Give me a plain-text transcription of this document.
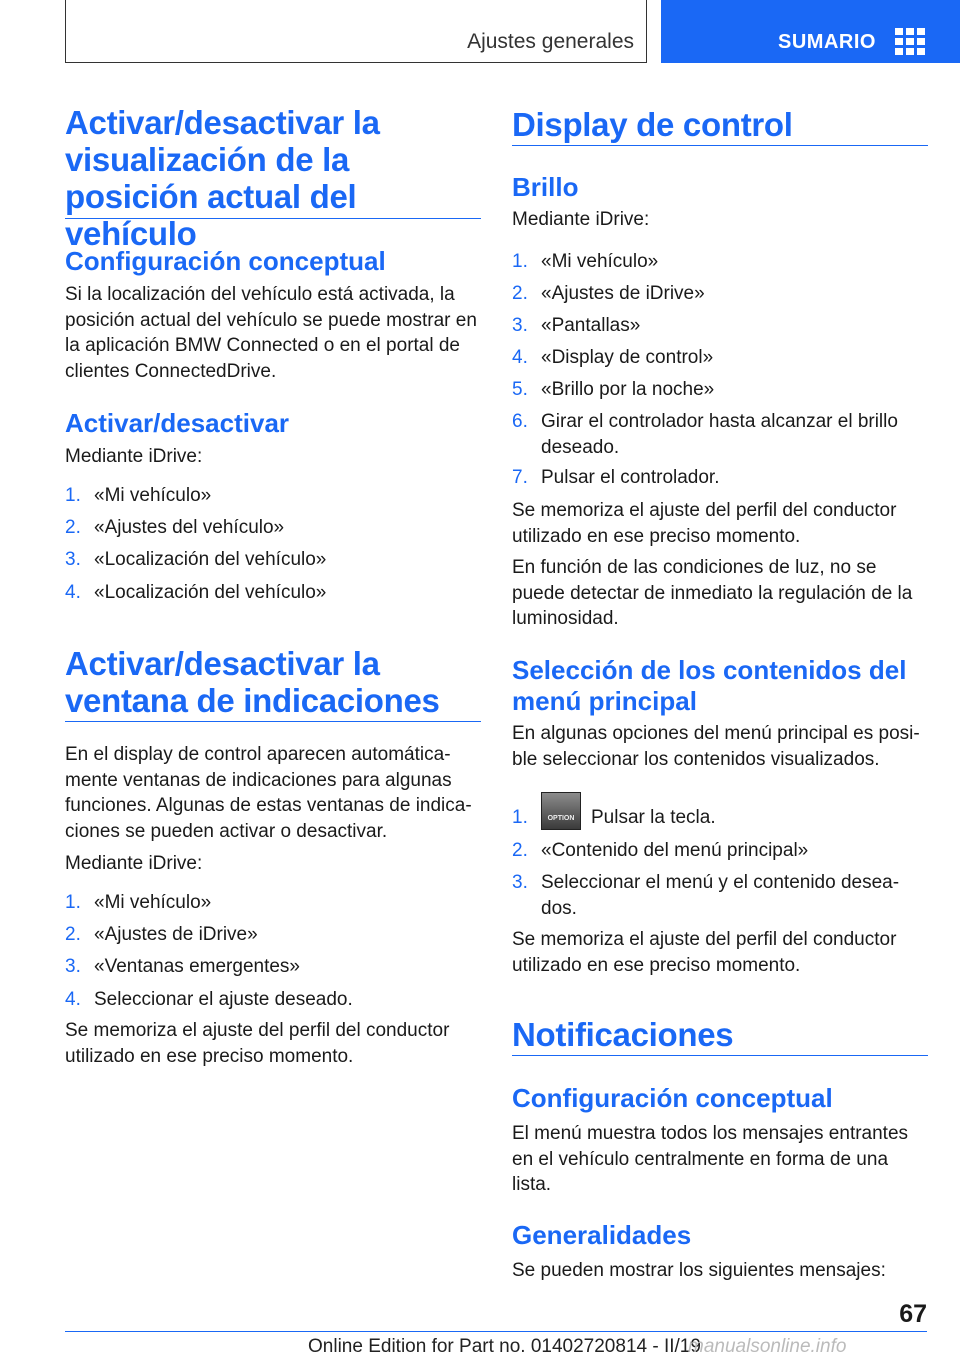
Ajustes generales	SUMARIO
Activar/desactivar la visualización de la posición actual del vehículo
Configuración conceptual

Si la localización del vehículo está activada, la posición actual del vehículo se puede mostrar en la aplicación BMW Connected o en el portal de clientes ConnectedDrive.

Activar/desactivar

Mediante iDrive:

1. «Mi vehículo»
2. «Ajustes del vehículo»
3. «Localización del vehículo»
4. «Localización del vehículo»
Activar/desactivar la ventana de indicaciones

En el display de control aparecen automáticamente ventanas de indicaciones para algunas funciones. Algunas de estas ventanas de indicaciones se pueden activar o desactivar.

Mediante iDrive:

1. «Mi vehículo»
2. «Ajustes de iDrive»
3. «Ventanas emergentes»
4. Seleccionar el ajuste deseado.

Se memoriza el ajuste del perfil del conductor utilizado en ese preciso momento.

Display de control
Brillo

Mediante iDrive:

1. «Mi vehículo»
2. «Ajustes de iDrive»
3. «Pantallas»
4. «Display de control»
5. «Brillo por la noche»
6. Girar el controlador hasta alcanzar el brillo deseado.
7. Pulsar el controlador.

Se memoriza el ajuste del perfil del conductor utilizado en ese preciso momento.

En función de las condiciones de luz, no se puede detectar de inmediato la regulación de la luminosidad.

Selección de los contenidos del menú principal

En algunas opciones del menú principal es posible seleccionar los contenidos visualizados.

1.	OPTION Pulsar la tecla.
2. «Contenido del menú principal»
3. Seleccionar el menú y el contenido deseados.

Se memoriza el ajuste del perfil del conductor utilizado en ese preciso momento.

Notificaciones
Configuración conceptual

El menú muestra todos los mensajes entrantes en el vehículo centralmente en forma de una lista.

Generalidades

Se pueden mostrar los siguientes mensajes:

67
Online Edition for Part no. 01402720814 - II/19
manualsonline.info
